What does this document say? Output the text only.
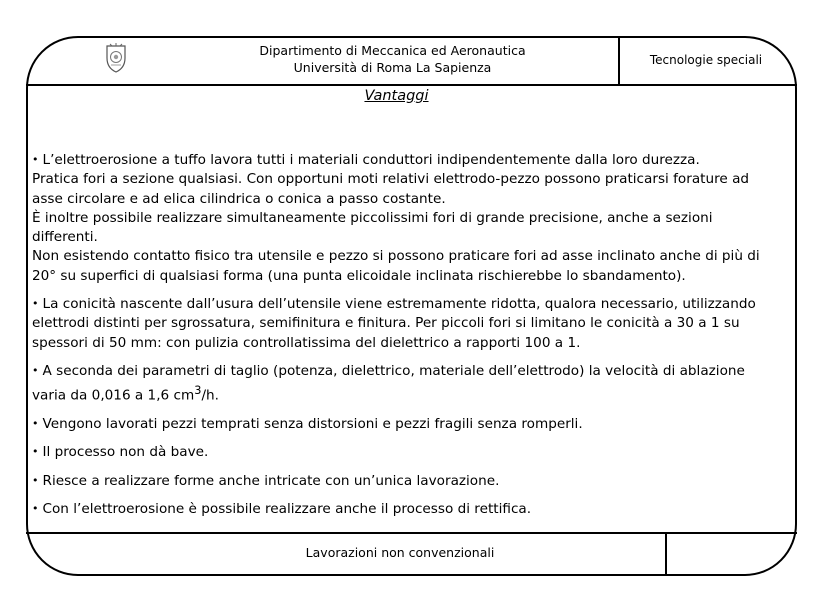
Dipartimento di Meccanica ed Aeronautica
Università di Roma La Sapienza	Tecnologie speciali
Vantaggi
• L’elettroerosione a tuffo lavora tutti i materiali conduttori indipendentemente dalla loro durezza.
Pratica fori a sezione qualsiasi. Con opportuni moti relativi elettrodo-pezzo possono praticarsi forature ad
asse circolare e ad elica cilindrica o conica a passo costante.
È inoltre possibile realizzare simultaneamente piccolissimi fori di grande precisione, anche a sezioni
differenti.
Non esistendo contatto fisico tra utensile e pezzo si possono praticare fori ad asse inclinato anche di più di
20° su superfici di qualsiasi forma (una punta elicoidale inclinata rischierebbe lo sbandamento).
• La conicità nascente dall’usura dell’utensile viene estremamente ridotta, qualora necessario, utilizzando
elettrodi distinti per sgrossatura, semifinitura e finitura. Per piccoli fori si limitano le conicità a 30 a 1 su
spessori di 50 mm: con pulizia controllatissima del dielettrico a rapporti 100 a 1.
• A seconda dei parametri di taglio (potenza, dielettrico, materiale dell’elettrodo) la velocità di ablazione
varia da 0,016 a 1,6 $cm^3/h$.
• Vengono lavorati pezzi temprati senza distorsioni e pezzi fragili senza romperli.
• Il processo non dà bave.
• Riesce a realizzare forme anche intricate con un’unica lavorazione.
• Con l’elettroerosione è possibile realizzare anche il processo di rettifica.
Lavorazioni non convenzionali
